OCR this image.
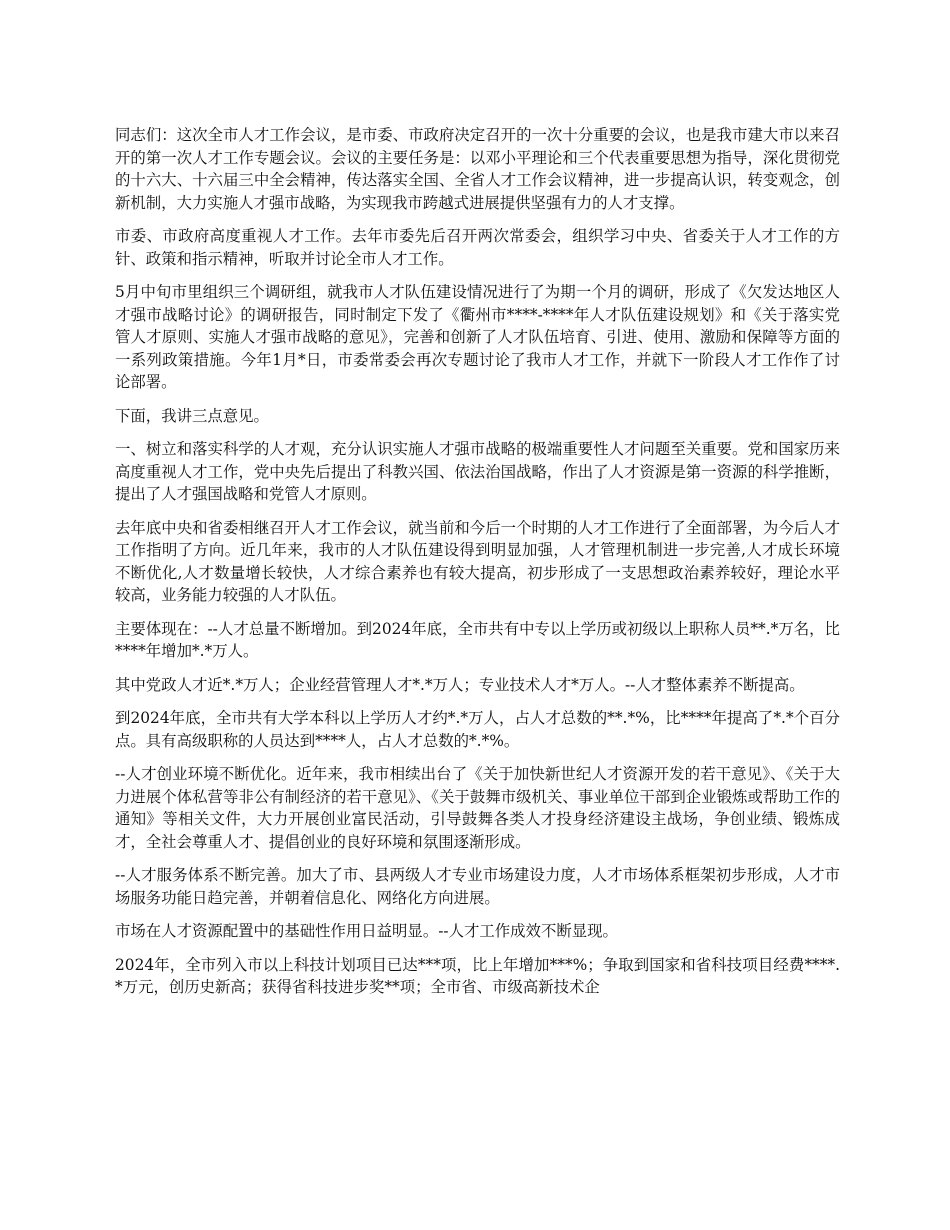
同志们：这次全市人才工作会议，是市委、市政府决定召开的一次十分重要的会议，也是我市建大市以来召开的第一次人才工作专题会议。会议的主要任务是：以邓小平理论和三个代表重要思想为指导，深化贯彻党的十六大、十六届三中全会精神，传达落实全国、全省人才工作会议精神，进一步提高认识，转变观念，创新机制，大力实施人才强市战略，为实现我市跨越式进展提供坚强有力的人才支撑。

市委、市政府高度重视人才工作。去年市委先后召开两次常委会，组织学习中央、省委关于人才工作的方针、政策和指示精神，听取并讨论全市人才工作。

5月中旬市里组织三个调研组，就我市人才队伍建设情况进行了为期一个月的调研，形成了《欠发达地区人才强市战略讨论》的调研报告，同时制定下发了《衢州市****-****年人才队伍建设规划》和《关于落实党管人才原则、实施人才强市战略的意见》，完善和创新了人才队伍培育、引进、使用、激励和保障等方面的一系列政策措施。今年1月*日，市委常委会再次专题讨论了我市人才工作，并就下一阶段人才工作作了讨论部署。

下面，我讲三点意见。

一、树立和落实科学的人才观，充分认识实施人才强市战略的极端重要性人才问题至关重要。党和国家历来高度重视人才工作，党中央先后提出了科教兴国、依法治国战略，作出了人才资源是第一资源的科学推断，提出了人才强国战略和党管人才原则。

去年底中央和省委相继召开人才工作会议，就当前和今后一个时期的人才工作进行了全面部署，为今后人才工作指明了方向。近几年来，我市的人才队伍建设得到明显加强，人才管理机制进一步完善,人才成长环境不断优化,人才数量增长较快，人才综合素养也有较大提高，初步形成了一支思想政治素养较好，理论水平较高，业务能力较强的人才队伍。

主要体现在：--人才总量不断增加。到2024年底，全市共有中专以上学历或初级以上职称人员**.*万名，比****年增加*.*万人。

其中党政人才近*.*万人；企业经营管理人才*.*万人；专业技术人才*万人。--人才整体素养不断提高。

到2024年底，全市共有大学本科以上学历人才约*.*万人，占人才总数的**.*%，比****年提高了*.*个百分点。具有高级职称的人员达到****人，占人才总数的*.*%。

--人才创业环境不断优化。近年来，我市相续出台了《关于加快新世纪人才资源开发的若干意见》、《关于大力进展个体私营等非公有制经济的若干意见》、《关于鼓舞市级机关、事业单位干部到企业锻炼或帮助工作的通知》等相关文件，大力开展创业富民活动，引导鼓舞各类人才投身经济建设主战场，争创业绩、锻炼成才，全社会尊重人才、提倡创业的良好环境和氛围逐渐形成。

--人才服务体系不断完善。加大了市、县两级人才专业市场建设力度，人才市场体系框架初步形成，人才市场服务功能日趋完善，并朝着信息化、网络化方向进展。

市场在人才资源配置中的基础性作用日益明显。--人才工作成效不断显现。

2024年，全市列入市以上科技计划项目已达***项，比上年增加***%；争取到国家和省科技项目经费****.*万元，创历史新高；获得省科技进步奖**项；全市省、市级高新技术企
